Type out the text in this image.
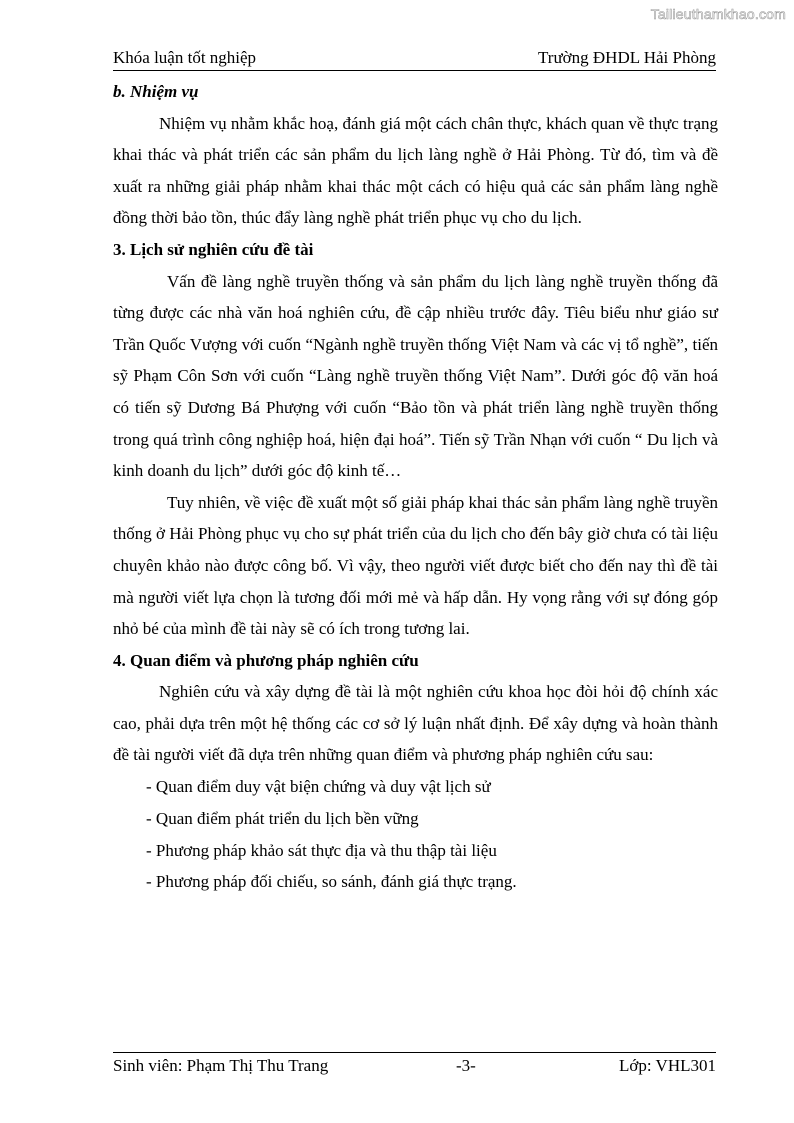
Tailieuthamkhao.com
Khóa luận tốt nghiệp	Trường ĐHDL Hải Phòng
b. Nhiệm vụ

Nhiệm vụ nhằm khắc hoạ, đánh giá một cách chân thực, khách quan về thực trạng khai thác và phát triển các sản phẩm du lịch làng nghề ở Hải Phòng. Từ đó, tìm và đề xuất ra những giải pháp nhằm khai thác một cách có hiệu quả các sản phẩm làng nghề đồng thời bảo tồn, thúc đẩy làng nghề phát triển phục vụ cho du lịch.

3. Lịch sử nghiên cứu đề tài

Vấn đề làng nghề truyền thống và sản phẩm du lịch làng nghề truyền thống đã từng được các nhà văn hoá nghiên cứu, đề cập nhiều trước đây. Tiêu biểu như giáo sư Trần Quốc Vượng với cuốn “Ngành nghề truyền thống Việt Nam và các vị tổ nghề”, tiến sỹ Phạm Côn Sơn với cuốn “Làng nghề truyền thống Việt Nam”. Dưới góc độ văn hoá có tiến sỹ Dương Bá Phượng với cuốn “Bảo tồn và phát triển làng nghề truyền thống trong quá trình công nghiệp hoá, hiện đại hoá”. Tiến sỹ Trần Nhạn với cuốn “ Du lịch và kinh doanh du lịch” dưới góc độ kinh tế…

Tuy nhiên, về việc đề xuất một số giải pháp khai thác sản phẩm làng nghề truyền thống ở Hải Phòng phục vụ cho sự phát triển của du lịch cho đến bây giờ chưa có tài liệu chuyên khảo nào được công bố. Vì vậy, theo người viết được biết cho đến nay thì đề tài mà người viết lựa chọn là tương đối mới mẻ và hấp dẫn. Hy vọng rằng với sự đóng góp nhỏ bé của mình đề tài này sẽ có ích trong tương lai.

4. Quan điểm và phương pháp nghiên cứu

Nghiên cứu và xây dựng đề tài là một nghiên cứu khoa học đòi hỏi độ chính xác cao, phải dựa trên một hệ thống các cơ sở lý luận nhất định. Để xây dựng và hoàn thành đề tài người viết đã dựa trên những quan điểm và phương pháp nghiên cứu sau:

- Quan điểm duy vật biện chứng và duy vật lịch sử
- Quan điểm phát triển du lịch bền vững
- Phương pháp khảo sát thực địa và thu thập tài liệu
- Phương pháp đối chiếu, so sánh, đánh giá thực trạng.
Sinh viên: Phạm Thị Thu Trang	-3-	Lớp: VHL301
